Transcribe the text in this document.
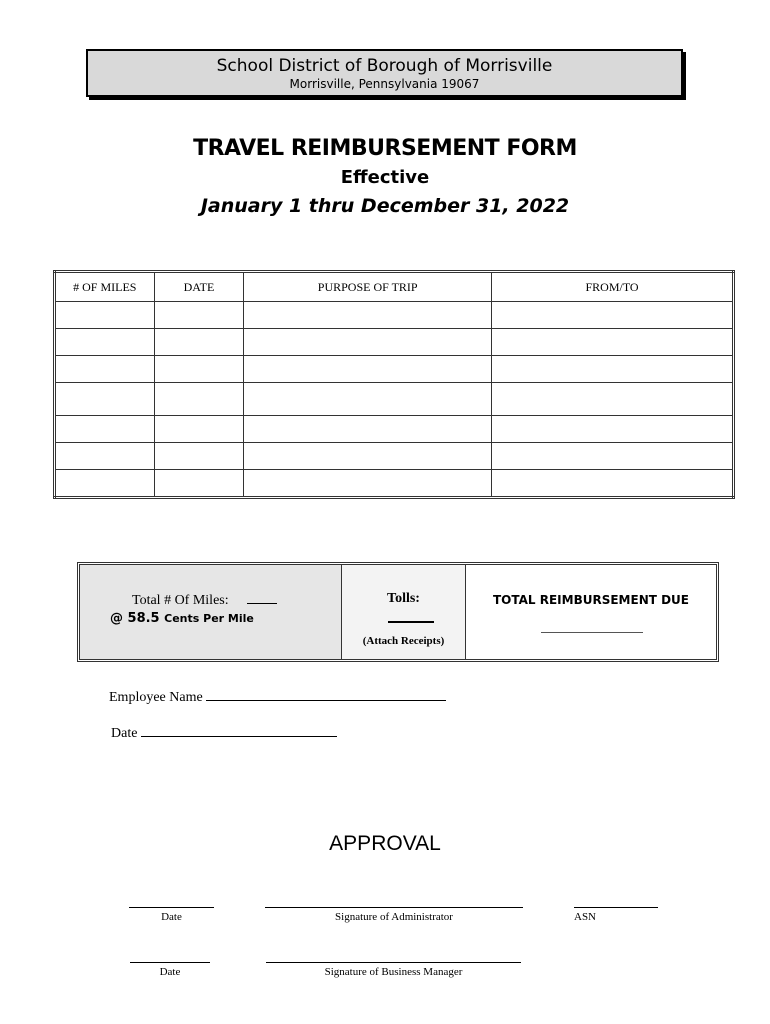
School District of Borough of Morrisville
Morrisville, Pennsylvania 19067
TRAVEL REIMBURSEMENT FORM
Effective
January 1 thru December 31, 2022
# OF MILES	DATE	PURPOSE OF TRIP	FROM/TO

Total # Of Miles:
@ 58.5 Cents Per Mile
Tolls:
(Attach Receipts)
TOTAL REIMBURSEMENT DUE
Employee Name
Date
APPROVAL
Date	Signature of Administrator	ASN
Date	Signature of Business Manager
